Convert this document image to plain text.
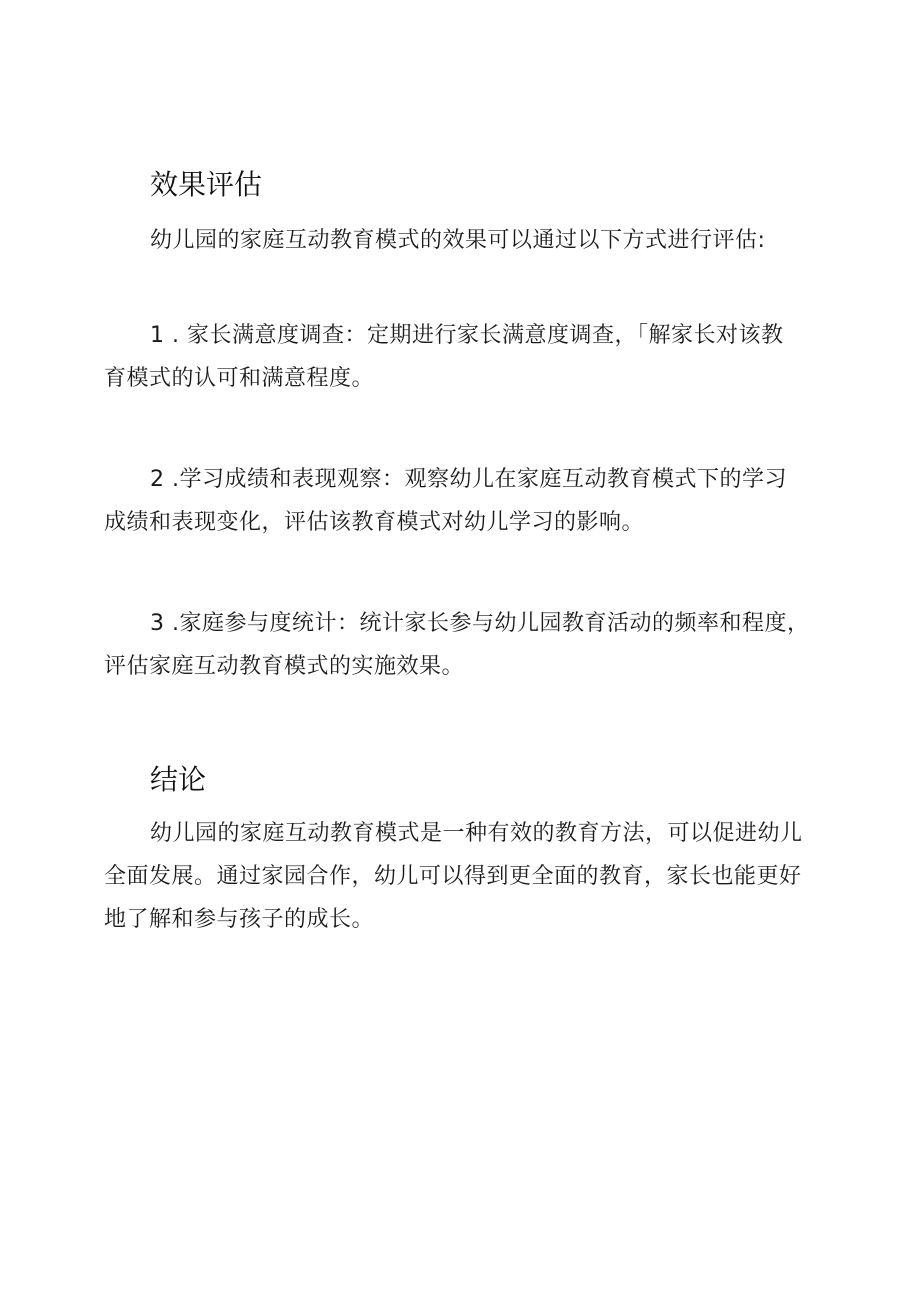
效果评估

幼儿园的家庭互动教育模式的效果可以通过以下方式进行评估:

1 . 家长满意度调查：定期进行家长满意度调查，「解家长对该教
育模式的认可和满意程度。

2 .学习成绩和表现观察：观察幼儿在家庭互动教育模式下的学习
成绩和表现变化，评估该教育模式对幼儿学习的影响。

3 .家庭参与度统计：统计家长参与幼儿园教育活动的频率和程度，
评估家庭互动教育模式的实施效果。

结论

幼儿园的家庭互动教育模式是一种有效的教育方法，可以促进幼儿
全面发展。通过家园合作，幼儿可以得到更全面的教育，家长也能更好
地了解和参与孩子的成长。
